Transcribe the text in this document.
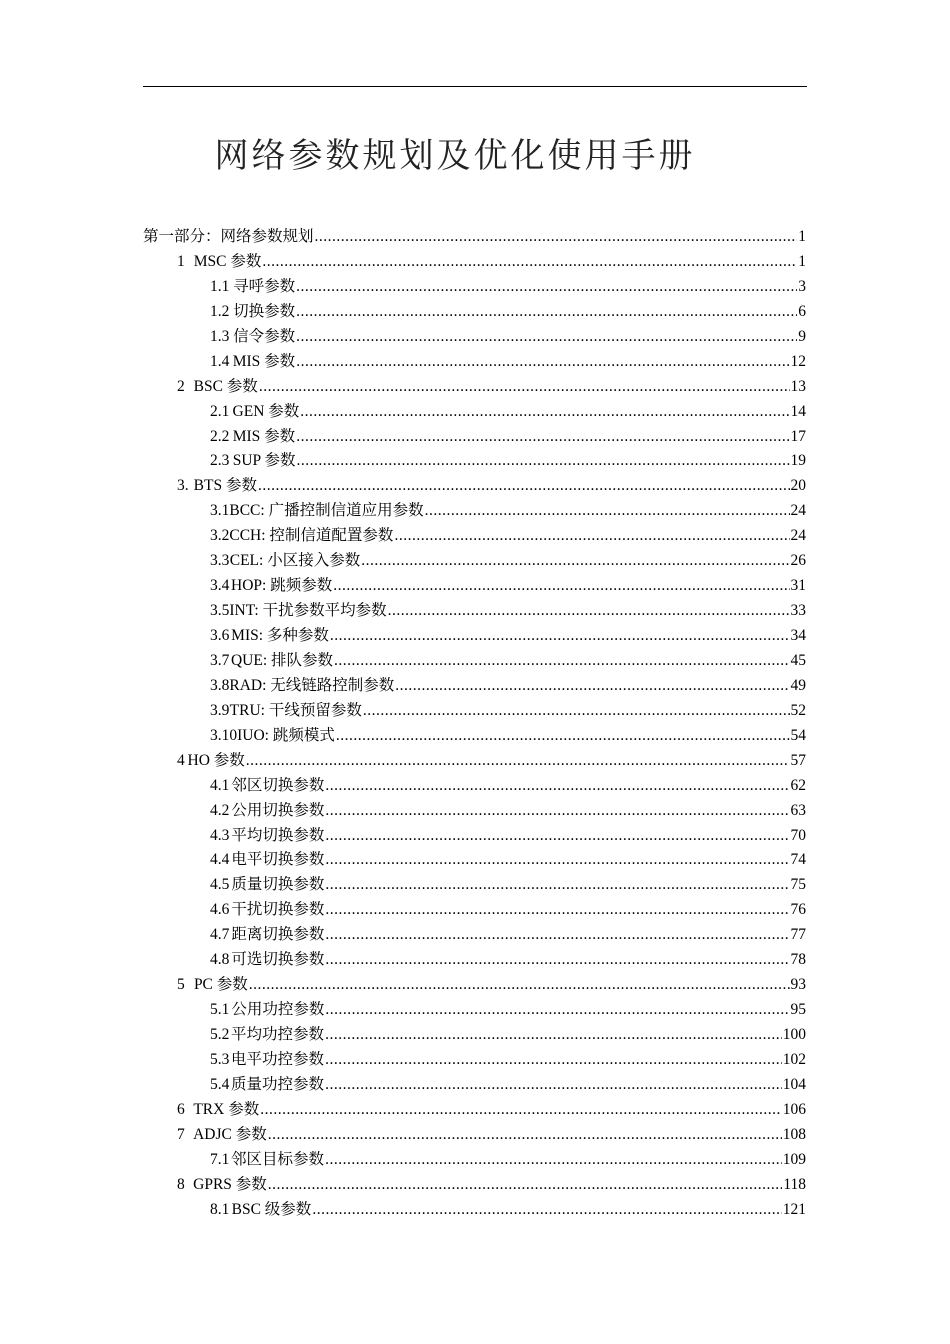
网络参数规划及优化使用手册
第一部分：网络参数规划 .....	1
1 MSC 参数 .....	1
1.1 寻呼参数 .....	3
1.2 切换参数 .....	6
1.3 信令参数 .....	9
1.4 MIS 参数 .....	12
2 BSC 参数 .....	13
2.1 GEN 参数 .....	14
2.2 MIS 参数 .....	17
2.3 SUP 参数 .....	19
3. BTS 参数 .....	20
3.1 BCC: 广播控制信道应用参数 .....	24
3.2 CCH: 控制信道配置参数 .....	24
3.3 CEL: 小区接入参数 .....	26
3.4 HOP: 跳频参数 .....	31
3.5 INT: 干扰参数平均参数 .....	33
3.6 MIS: 多种参数 .....	34
3.7 QUE: 排队参数 .....	45
3.8 RAD: 无线链路控制参数 .....	49
3.9 TRU: 干线预留参数 .....	52
3.10 IUO: 跳频模式 .....	54
4 HO 参数 .....	57
4.1 邻区切换参数 .....	62
4.2 公用切换参数 .....	63
4.3 平均切换参数 .....	70
4.4 电平切换参数 .....	74
4.5 质量切换参数 .....	75
4.6 干扰切换参数 .....	76
4.7 距离切换参数 .....	77
4.8 可选切换参数 .....	78
5 PC 参数 .....	93
5.1 公用功控参数 .....	95
5.2 平均功控参数 .....	100
5.3 电平功控参数 .....	102
5.4 质量功控参数 .....	104
6 TRX 参数 .....	106
7 ADJC 参数 .....	108
7.1 邻区目标参数 .....	109
8 GPRS 参数 .....	118
8.1 BSC 级参数 .....	121
